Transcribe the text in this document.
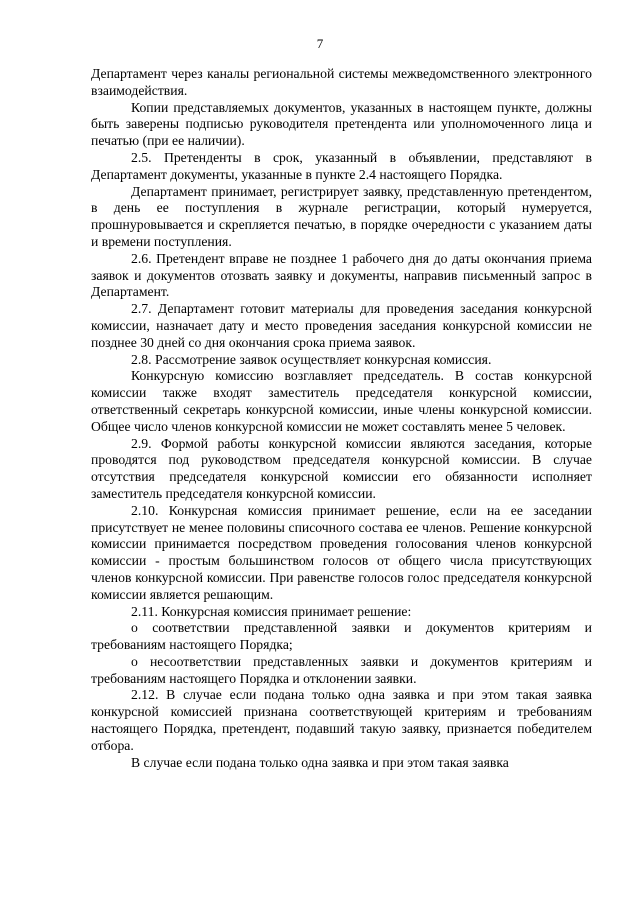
7

Департамент через каналы региональной системы межведомственного электронного взаимодействия.

Копии представляемых документов, указанных в настоящем пункте, должны быть заверены подписью руководителя претендента или уполномоченного лица и печатью (при ее наличии).

2.5. Претенденты в срок, указанный в объявлении, представляют в Департамент документы, указанные в пункте 2.4 настоящего Порядка.

Департамент принимает, регистрирует заявку, представленную претендентом, в день ее поступления в журнале регистрации, который нумеруется, прошнуровывается и скрепляется печатью, в порядке очередности с указанием даты и времени поступления.

2.6. Претендент вправе не позднее 1 рабочего дня до даты окончания приема заявок и документов отозвать заявку и документы, направив письменный запрос в Департамент.

2.7. Департамент готовит материалы для проведения заседания конкурсной комиссии, назначает дату и место проведения заседания конкурсной комиссии не позднее 30 дней со дня окончания срока приема заявок.

2.8. Рассмотрение заявок осуществляет конкурсная комиссия.

Конкурсную комиссию возглавляет председатель. В состав конкурсной комиссии также входят заместитель председателя конкурсной комиссии, ответственный секретарь конкурсной комиссии, иные члены конкурсной комиссии. Общее число членов конкурсной комиссии не может составлять менее 5 человек.

2.9. Формой работы конкурсной комиссии являются заседания, которые проводятся под руководством председателя конкурсной комиссии. В случае отсутствия председателя конкурсной комиссии его обязанности исполняет заместитель председателя конкурсной комиссии.

2.10. Конкурсная комиссия принимает решение, если на ее заседании присутствует не менее половины списочного состава ее членов. Решение конкурсной комиссии принимается посредством проведения голосования членов конкурсной комиссии - простым большинством голосов от общего числа присутствующих членов конкурсной комиссии. При равенстве голосов голос председателя конкурсной комиссии является решающим.

2.11. Конкурсная комиссия принимает решение:

о соответствии представленной заявки и документов критериям и требованиям настоящего Порядка;

о несоответствии представленных заявки и документов критериям и требованиям настоящего Порядка и отклонении заявки.

2.12. В случае если подана только одна заявка и при этом такая заявка конкурсной комиссией признана соответствующей критериям и требованиям настоящего Порядка, претендент, подавший такую заявку, признается победителем отбора.

В случае если подана только одна заявка и при этом такая заявка
